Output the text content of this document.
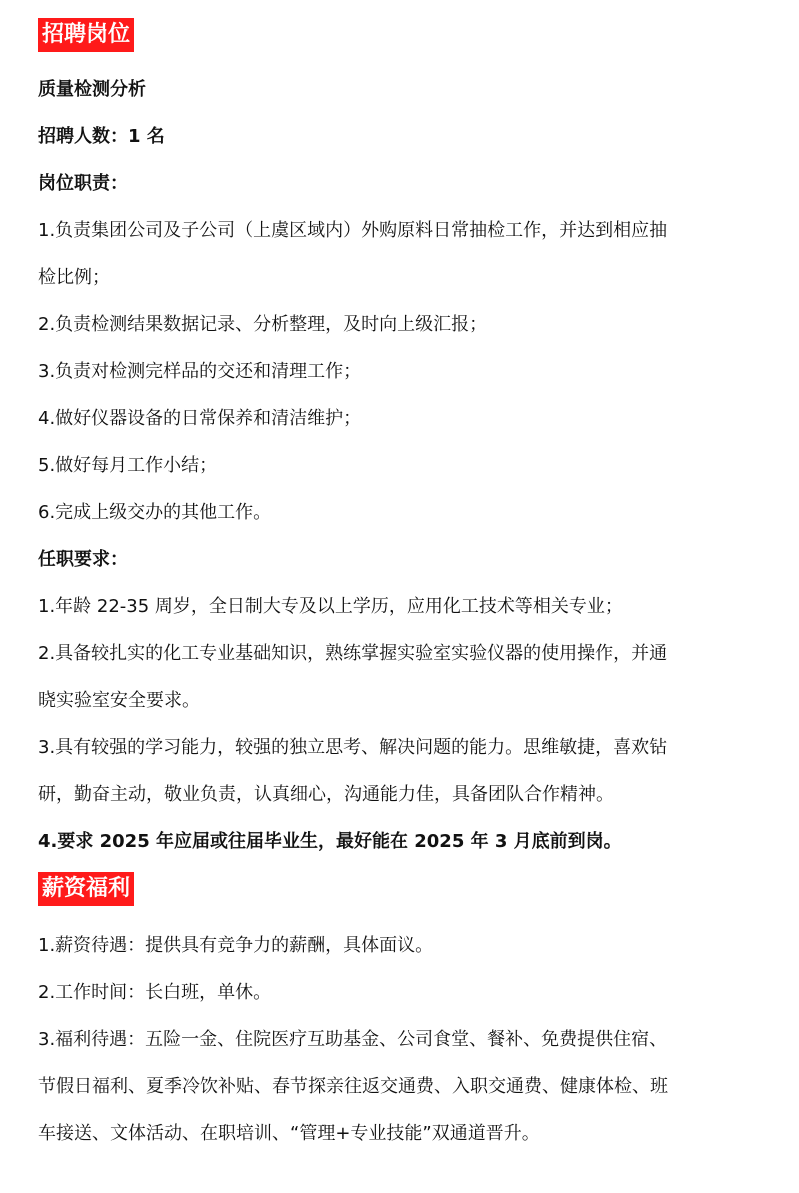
招聘岗位

质量检测分析

招聘人数：1 名

岗位职责：

1.负责集团公司及子公司（上虞区域内）外购原料日常抽检工作，并达到相应抽

检比例；

2.负责检测结果数据记录、分析整理，及时向上级汇报；

3.负责对检测完样品的交还和清理工作；

4.做好仪器设备的日常保养和清洁维护；

5.做好每月工作小结；

6.完成上级交办的其他工作。

任职要求：

1.年龄 22-35 周岁，全日制大专及以上学历，应用化工技术等相关专业；

2.具备较扎实的化工专业基础知识，熟练掌握实验室实验仪器的使用操作，并通

晓实验室安全要求。

3.具有较强的学习能力，较强的独立思考、解决问题的能力。思维敏捷，喜欢钻

研，勤奋主动，敬业负责，认真细心，沟通能力佳，具备团队合作精神。

4.要求 2025 年应届或往届毕业生，最好能在 2025 年 3 月底前到岗。

薪资福利

1.薪资待遇：提供具有竞争力的薪酬，具体面议。

2.工作时间：长白班，单休。

3.福利待遇：五险一金、住院医疗互助基金、公司食堂、餐补、免费提供住宿、

节假日福利、夏季冷饮补贴、春节探亲往返交通费、入职交通费、健康体检、班

车接送、文体活动、在职培训、“管理+专业技能”双通道晋升。
